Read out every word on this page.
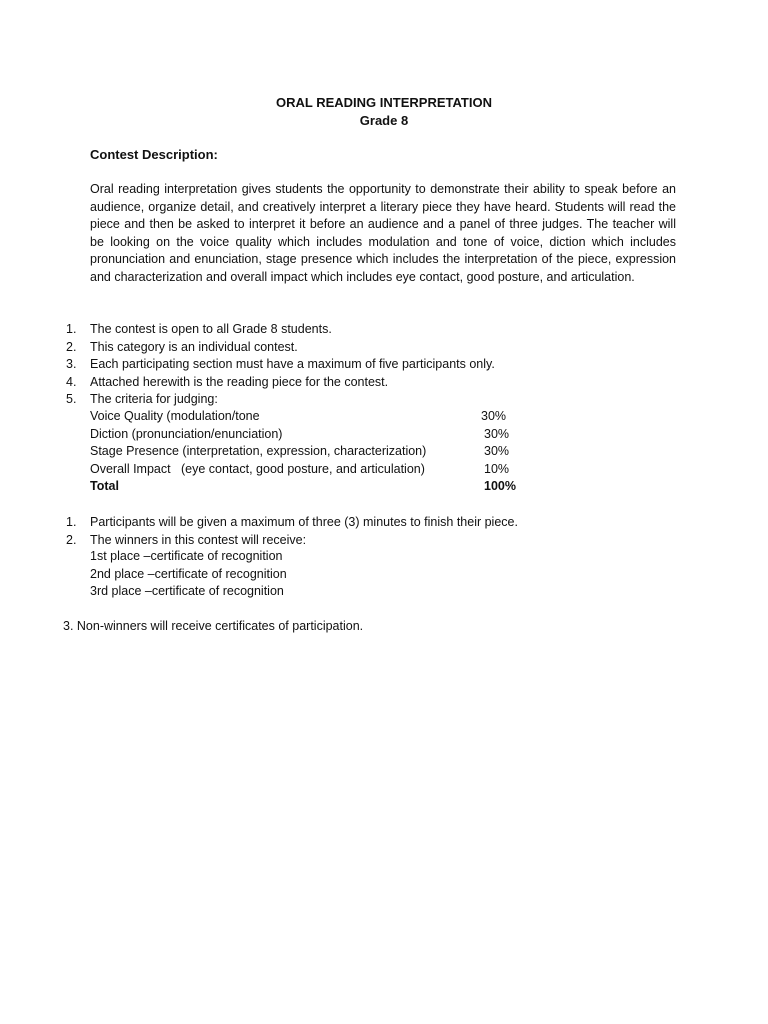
ORAL READING INTERPRETATION
Grade 8
Contest Description:
Oral reading interpretation gives students the opportunity to demonstrate their ability to speak before an audience, organize detail, and creatively interpret a literary piece they have heard. Students will read the piece and then be asked to interpret it before an audience and a panel of three judges. The teacher will be looking on the voice quality which includes modulation and tone of voice, diction which includes pronunciation and enunciation, stage presence which includes the interpretation of the piece, expression and characterization and overall impact which includes eye contact, good posture, and articulation.
1. The contest is open to all Grade 8 students.
2. This category is an individual contest.
3. Each participating section must have a maximum of five participants only.
4. Attached herewith is the reading piece for the contest.
5. The criteria for judging:
Voice Quality (modulation/tone	30%
Diction (pronunciation/enunciation)	30%
Stage Presence (interpretation, expression, characterization)	30%
Overall Impact   (eye contact, good posture, and articulation)	10%
Total	100%
1. Participants will be given a maximum of three (3) minutes to finish their piece.
2. The winners in this contest will receive:
1st place –certificate of recognition
2nd place –certificate of recognition
3rd place –certificate of recognition
3. Non-winners will receive certificates of participation.
